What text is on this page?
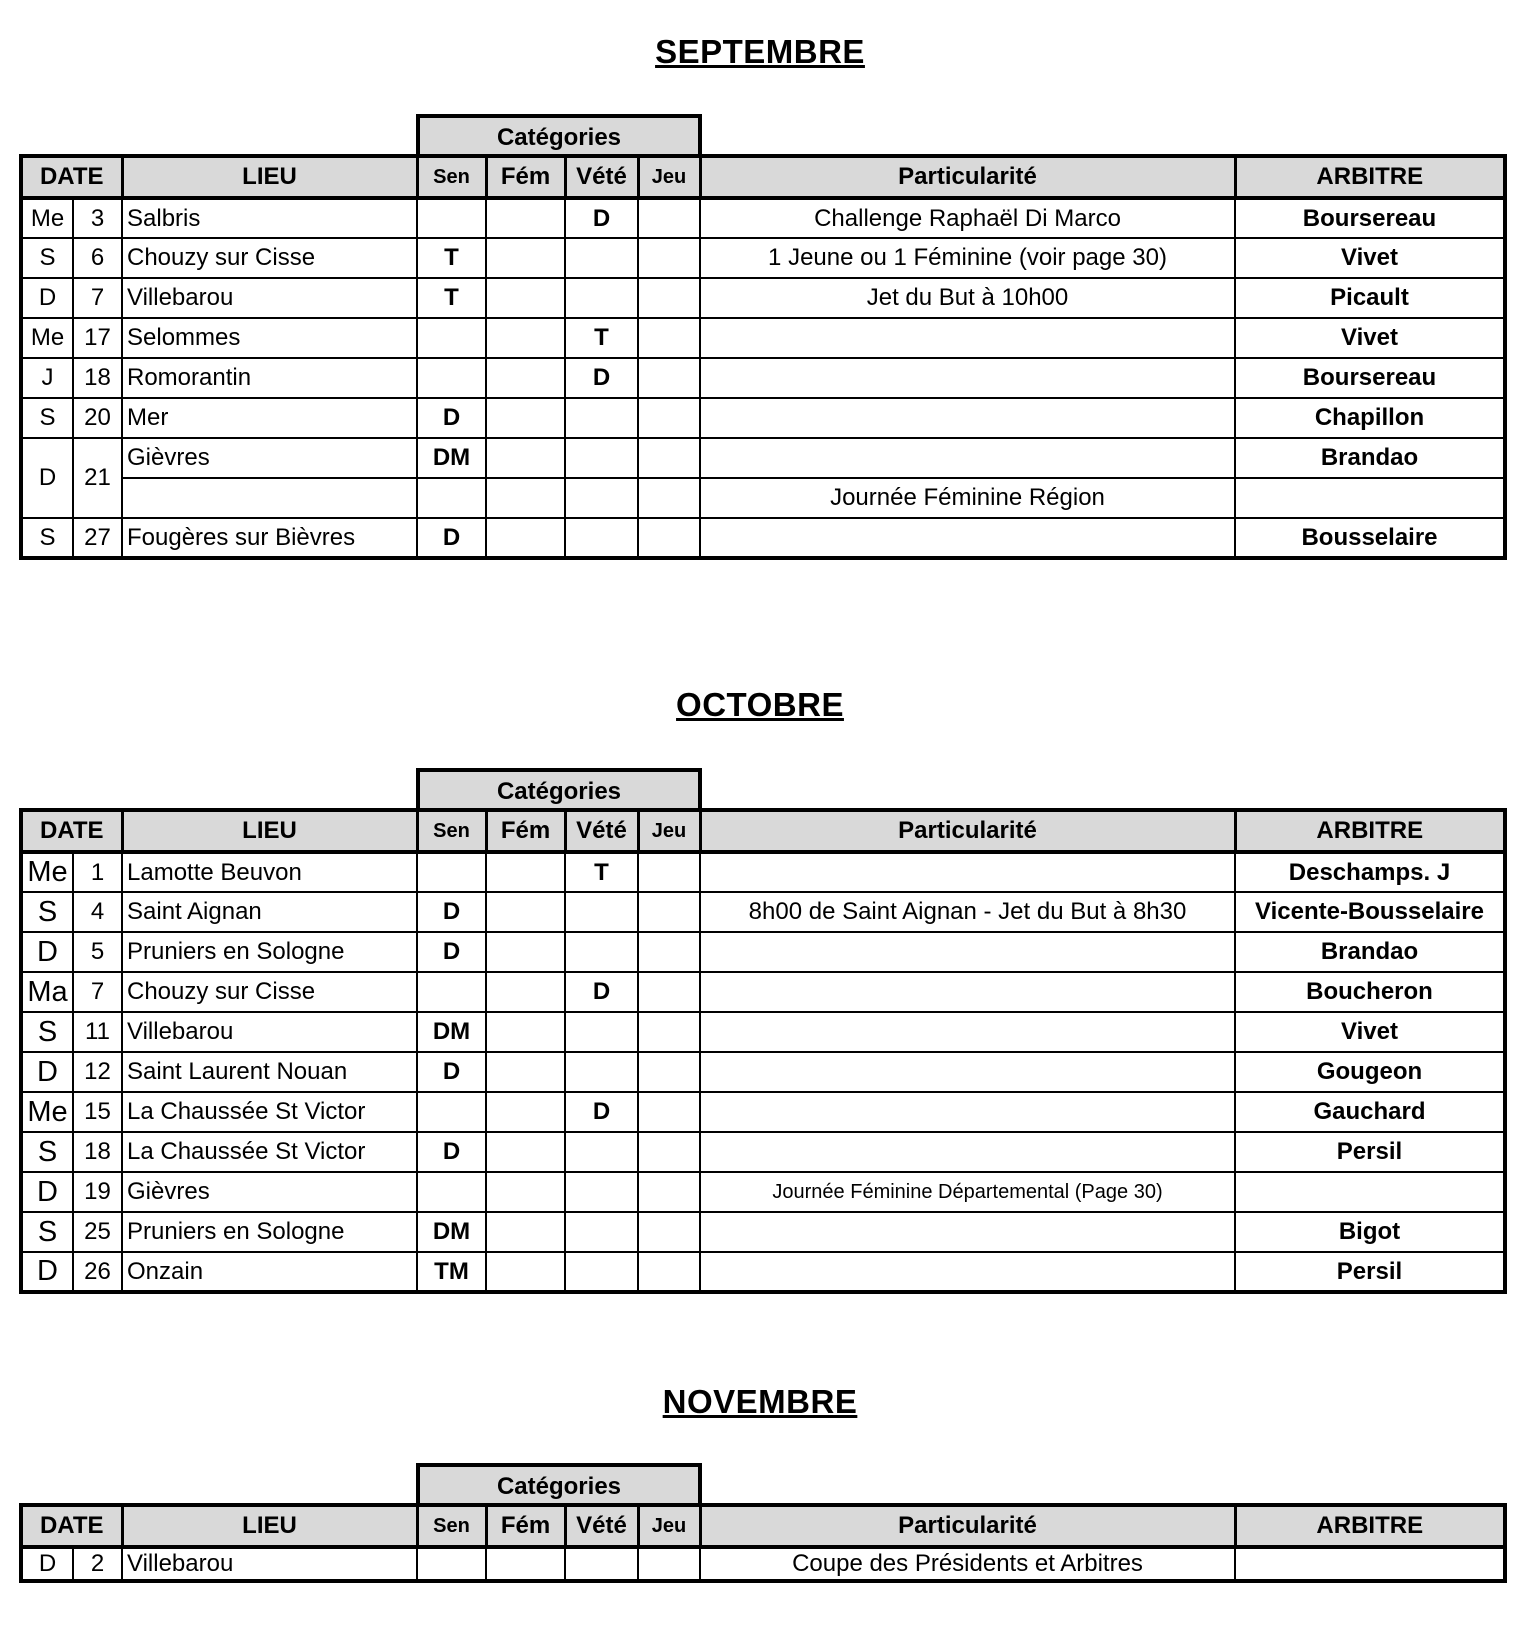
SEPTEMBRE
Catégories
DATE		LIEU	Sen	Fém	Vété	Jeu	Particularité	ARBITRE
Me	3	Salbris			D		Challenge Raphaël Di Marco	Boursereau
S	6	Chouzy sur Cisse	T				1 Jeune ou 1 Féminine (voir page 30)	Vivet
D	7	Villebarou	T				Jet du But à 10h00	Picault
Me	17	Selommes			T			Vivet
J	18	Romorantin			D			Boursereau
S	20	Mer	D					Chapillon
D	21	Gièvres	DM					Brandao
							Journée Féminine Région	
S	27	Fougères sur Bièvres	D					Bousselaire
OCTOBRE
Catégories
DATE		LIEU	Sen	Fém	Vété	Jeu	Particularité	ARBITRE
Me	1	Lamotte Beuvon			T			Deschamps. J
S	4	Saint Aignan	D				8h00 de Saint Aignan - Jet du But à 8h30	Vicente-Bousselaire
D	5	Pruniers en Sologne	D					Brandao
Ma	7	Chouzy sur Cisse			D			Boucheron
S	11	Villebarou	DM					Vivet
D	12	Saint Laurent Nouan	D					Gougeon
Me	15	La Chaussée St Victor			D			Gauchard
S	18	La Chaussée St Victor	D					Persil
D	19	Gièvres					Journée Féminine Départemental (Page 30)	
S	25	Pruniers en Sologne	DM					Bigot
D	26	Onzain	TM					Persil
NOVEMBRE
Catégories
DATE		LIEU	Sen	Fém	Vété	Jeu	Particularité	ARBITRE
D	2	Villebarou					Coupe des Présidents et Arbitres	
